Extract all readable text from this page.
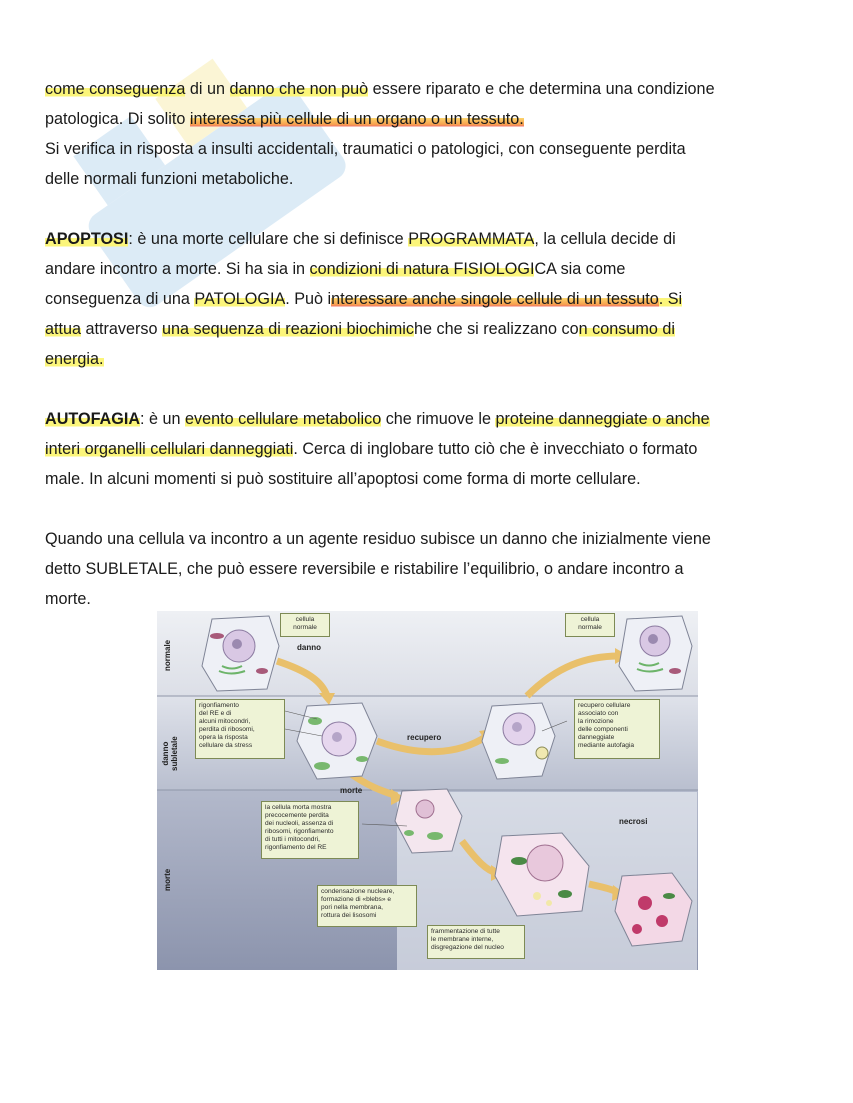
come conseguenza di un danno che non può essere riparato e che determina una condizione
patologica. Di solito interessa più cellule di un organo o un tessuto.
Si verifica in risposta a insulti accidentali, traumatici o patologici, con conseguente perdita
delle normali funzioni metaboliche.

APOPTOSI: è una morte cellulare che si definisce PROGRAMMATA, la cellula decide di
andare incontro a morte. Si ha sia in condizioni di natura FISIOLOGICA sia come
conseguenza di una PATOLOGIA. Può interessare anche singole cellule di un tessuto. Si
attua attraverso una sequenza di reazioni biochimiche che si realizzano con consumo di
energia.

AUTOFAGIA: è un evento cellulare metabolico che rimuove le proteine danneggiate o anche
interi organelli cellulari danneggiati. Cerca di inglobare tutto ciò che è invecchiato o formato
male. In alcuni momenti si può sostituire all’apoptosi come forma di morte cellulare.

Quando una cellula va incontro a un agente residuo subisce un danno che inizialmente viene
detto SUBLETALE, che può essere reversibile e ristabilire l’equilibrio, o andare incontro a
morte.

normale
danno
subletale
morte
cellula
normale
cellula
normale
danno
recupero
morte
necrosi
rigonfiamento
del RE e di
alcuni mitocondri,
perdita di ribosomi,
opera la risposta
cellulare da stress
recupero cellulare
associato con
la rimozione
delle componenti
danneggiate
mediante autofagia
la cellula morta mostra
precocemente perdita
dei nucleoli, assenza di
ribosomi, rigonfiamento
di tutti i mitocondri,
rigonfiamento del RE
condensazione nucleare,
formazione di «blebs» e
pori nella membrana,
rottura dei lisosomi
frammentazione di tutte
le membrane interne,
disgregazione del nucleo
